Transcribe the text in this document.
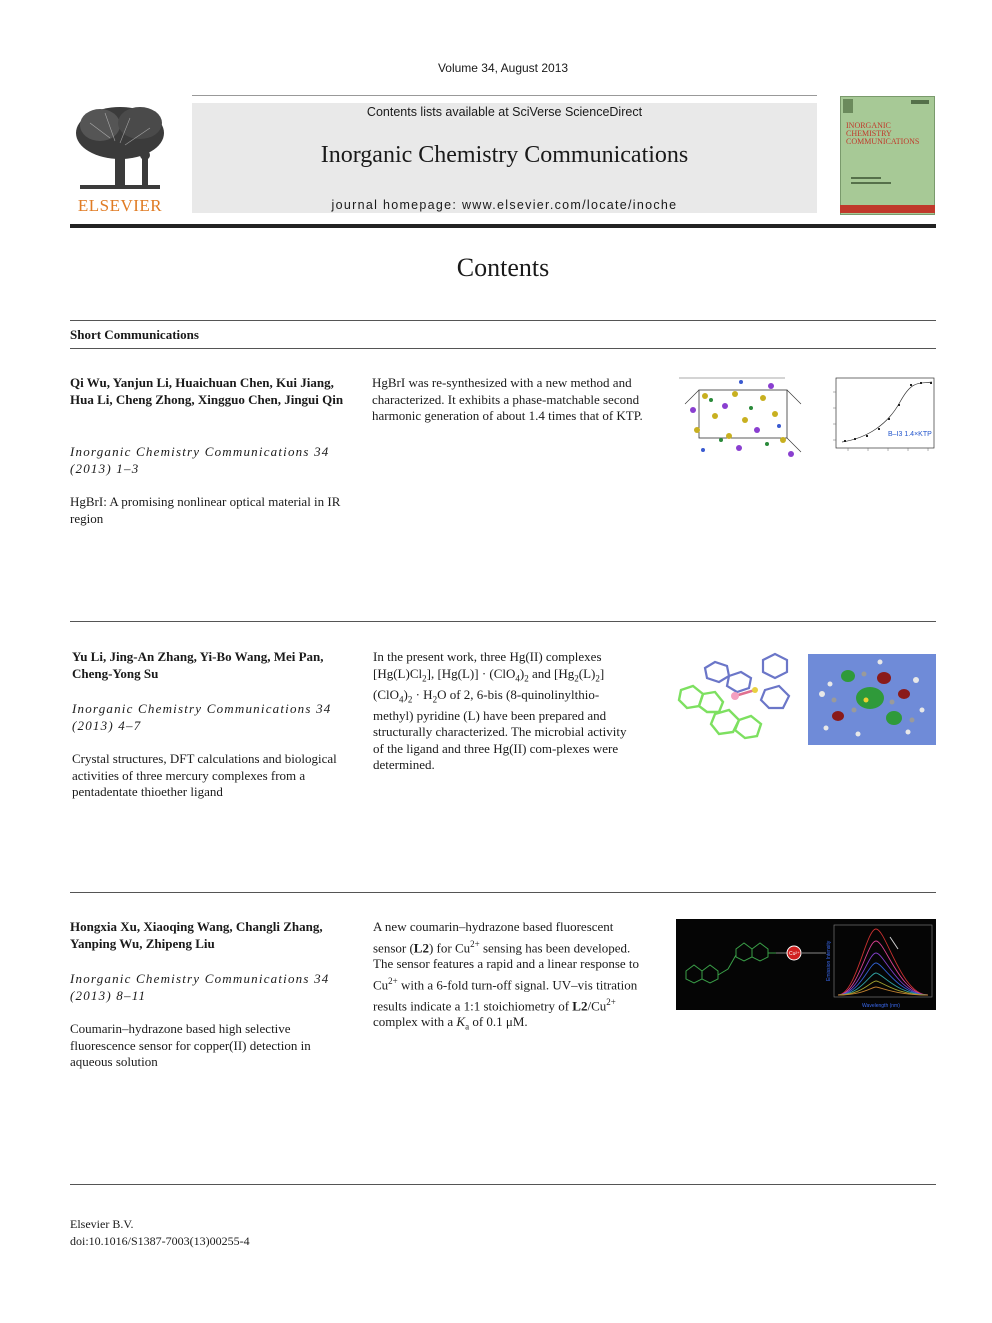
Volume 34, August 2013
ELSEVIER
Contents lists available at SciVerse ScienceDirect
Inorganic Chemistry Communications
journal homepage: www.elsevier.com/locate/inoche
INORGANIC CHEMISTRY COMMUNICATIONS
Contents
Short Communications
Qi Wu, Yanjun Li, Huaichuan Chen, Kui Jiang, Hua Li, Cheng Zhong, Xingguo Chen, Jingui Qin
Inorganic Chemistry Communications 34 (2013) 1–3
HgBrI: A promising nonlinear optical material in IR region
HgBrI was re-synthesized with a new method and characterized. It exhibits a phase-matchable second harmonic generation of about 1.4 times that of KTP.
B–I3 1.4×KTP
Yu Li, Jing-An Zhang, Yi-Bo Wang, Mei Pan, Cheng-Yong Su
Inorganic Chemistry Communications 34 (2013) 4–7
Crystal structures, DFT calculations and biological activities of three mercury complexes from a pentadentate thioether ligand
In the present work, three Hg(II) complexes $[Hg(L)Cl_2]$, $[Hg(L)] \cdot (ClO_4)_2$ and $[Hg_2(L)_2] (ClO_4)_2 \cdot H_2O$ of 2, 6-bis (8-quinolinylthio-methyl) pyridine (L) have been prepared and structurally characterized. The microbial activity of the ligand and three Hg(II) com-plexes were determined.
Hongxia Xu, Xiaoqing Wang, Changli Zhang, Yanping Wu, Zhipeng Liu
Inorganic Chemistry Communications 34 (2013) 8–11
Coumarin–hydrazone based high selective fluorescence sensor for copper(II) detection in aqueous solution
A new coumarin–hydrazone based fluorescent sensor (L2) for $Cu^{2+}$ sensing has been developed. The sensor features a rapid and a linear response to $Cu^{2+}$ with a 6-fold turn-off signal. UV–vis titration results indicate a 1:1 stoichiometry of $L2/Cu^{2+}$ complex with a $K_a$ of 0.1 μM.
Cu²⁺
Wavelength (nm)
Emission Intensity
Elsevier B.V.
doi:10.1016/S1387-7003(13)00255-4
